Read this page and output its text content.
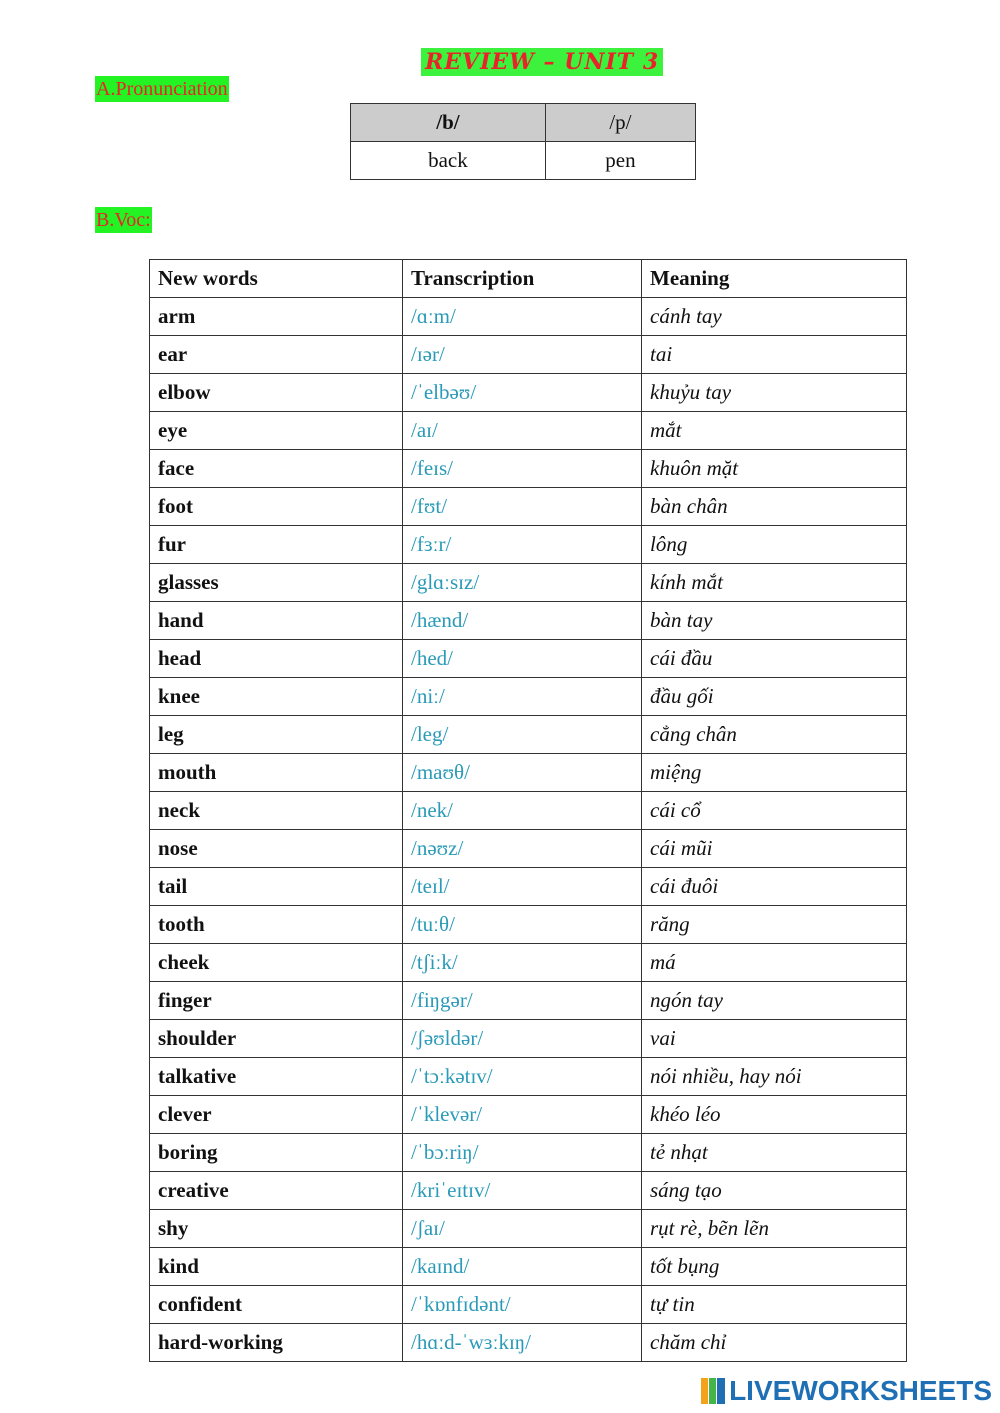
REVIEW – UNIT 3
A.Pronunciation
/b/	/p/
back	pen
B.Voc:
New words	Transcription	Meaning
arm	/ɑːm/	cánh tay
ear	/ɪər/	tai
elbow	/ˈelbəʊ/	khuỷu tay
eye	/aɪ/	mắt
face	/feɪs/	khuôn mặt
foot	/fʊt/	bàn chân
fur	/fɜːr/	lông
glasses	/glɑːsɪz/	kính mắt
hand	/hænd/	bàn tay
head	/hed/	cái đầu
knee	/niː/	đầu gối
leg	/leg/	cẳng chân
mouth	/maʊθ/	miệng
neck	/nek/	cái cổ
nose	/nəʊz/	cái mũi
tail	/teɪl/	cái đuôi
tooth	/tuːθ/	răng
cheek	/tʃiːk/	má
finger	/fiŋgər/	ngón tay
shoulder	/ʃəʊldər/	vai
talkative	/ˈtɔːkətɪv/	nói nhiều, hay nói
clever	/ˈklevər/	khéo léo
boring	/ˈbɔːriŋ/	tẻ nhạt
creative	/kriˈeɪtɪv/	sáng tạo
shy	/ʃaɪ/	rụt rè, bẽn lẽn
kind	/kaɪnd/	tốt bụng
confident	/ˈkɒnfɪdənt/	tự tin
hard-working	/hɑːd-ˈwɜːkɪŋ/	chăm chỉ
LIVEWORKSHEETS
